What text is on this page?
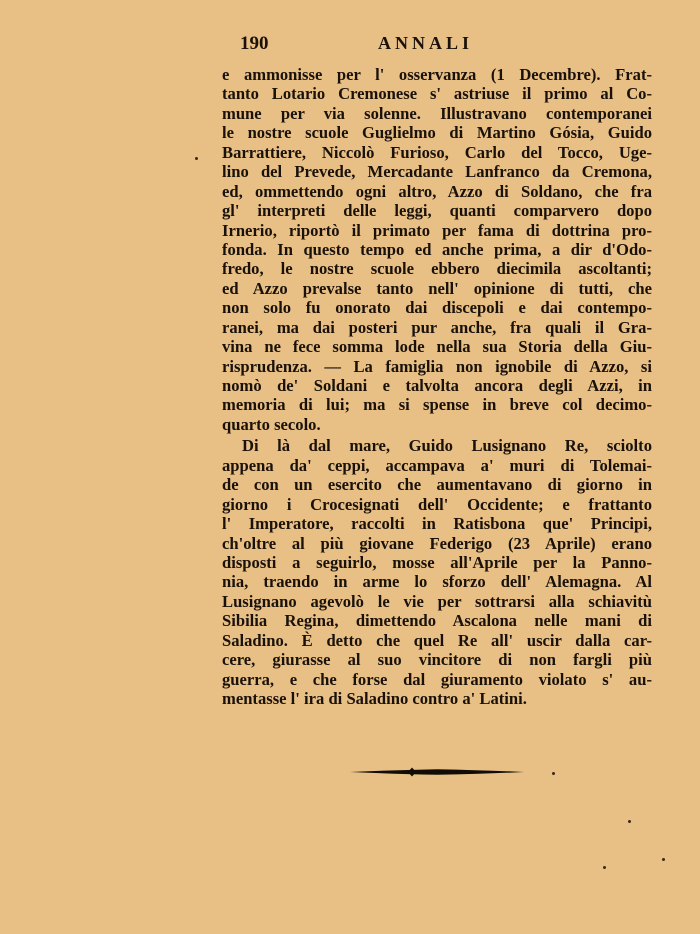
190	ANNALI
e ammonisse per l' osservanza (1 Decembre). Frat-
tanto Lotario Cremonese s' astriuse il primo al Co-
mune per via solenne. Illustravano contemporanei
le nostre scuole Guglielmo di Martino Gósia, Guido
Barrattiere, Niccolò Furioso, Carlo del Tocco, Uge-
lino del Prevede, Mercadante Lanfranco da Cremona,
ed, ommettendo ogni altro, Azzo di Soldano, che fra
gl' interpreti delle leggi, quanti comparvero dopo
Irnerio, riportò il primato per fama di dottrina pro-
fonda. In questo tempo ed anche prima, a dir d'Odo-
fredo, le nostre scuole ebbero diecimila ascoltanti;
ed Azzo prevalse tanto nell' opinione di tutti, che
non solo fu onorato dai discepoli e dai contempo-
ranei, ma dai posteri pur anche, fra quali il Gra-
vina ne fece somma lode nella sua Storia della Giu-
risprudenza. — La famiglia non ignobile di Azzo, si
nomò de' Soldani e talvolta ancora degli Azzi, in
memoria di lui; ma si spense in breve col decimo-
quarto secolo.
Di là dal mare, Guido Lusignano Re, sciolto
appena da' ceppi, accampava a' muri di Tolemai-
de con un esercito che aumentavano di giorno in
giorno i Crocesignati dell' Occidente; e frattanto
l' Imperatore, raccolti in Ratisbona que' Principi,
ch'oltre al più giovane Federigo (23 Aprile) erano
disposti a seguirlo, mosse all'Aprile per la Panno-
nia, traendo in arme lo sforzo dell' Alemagna. Al
Lusignano agevolò le vie per sottrarsi alla schiavitù
Sibilia Regina, dimettendo Ascalona nelle mani di
Saladino. È detto che quel Re all' uscir dalla car-
cere, giurasse al suo vincitore di non fargli più
guerra, e che forse dal giuramento violato s' au-
mentasse l' ira di Saladino contro a' Latini.
